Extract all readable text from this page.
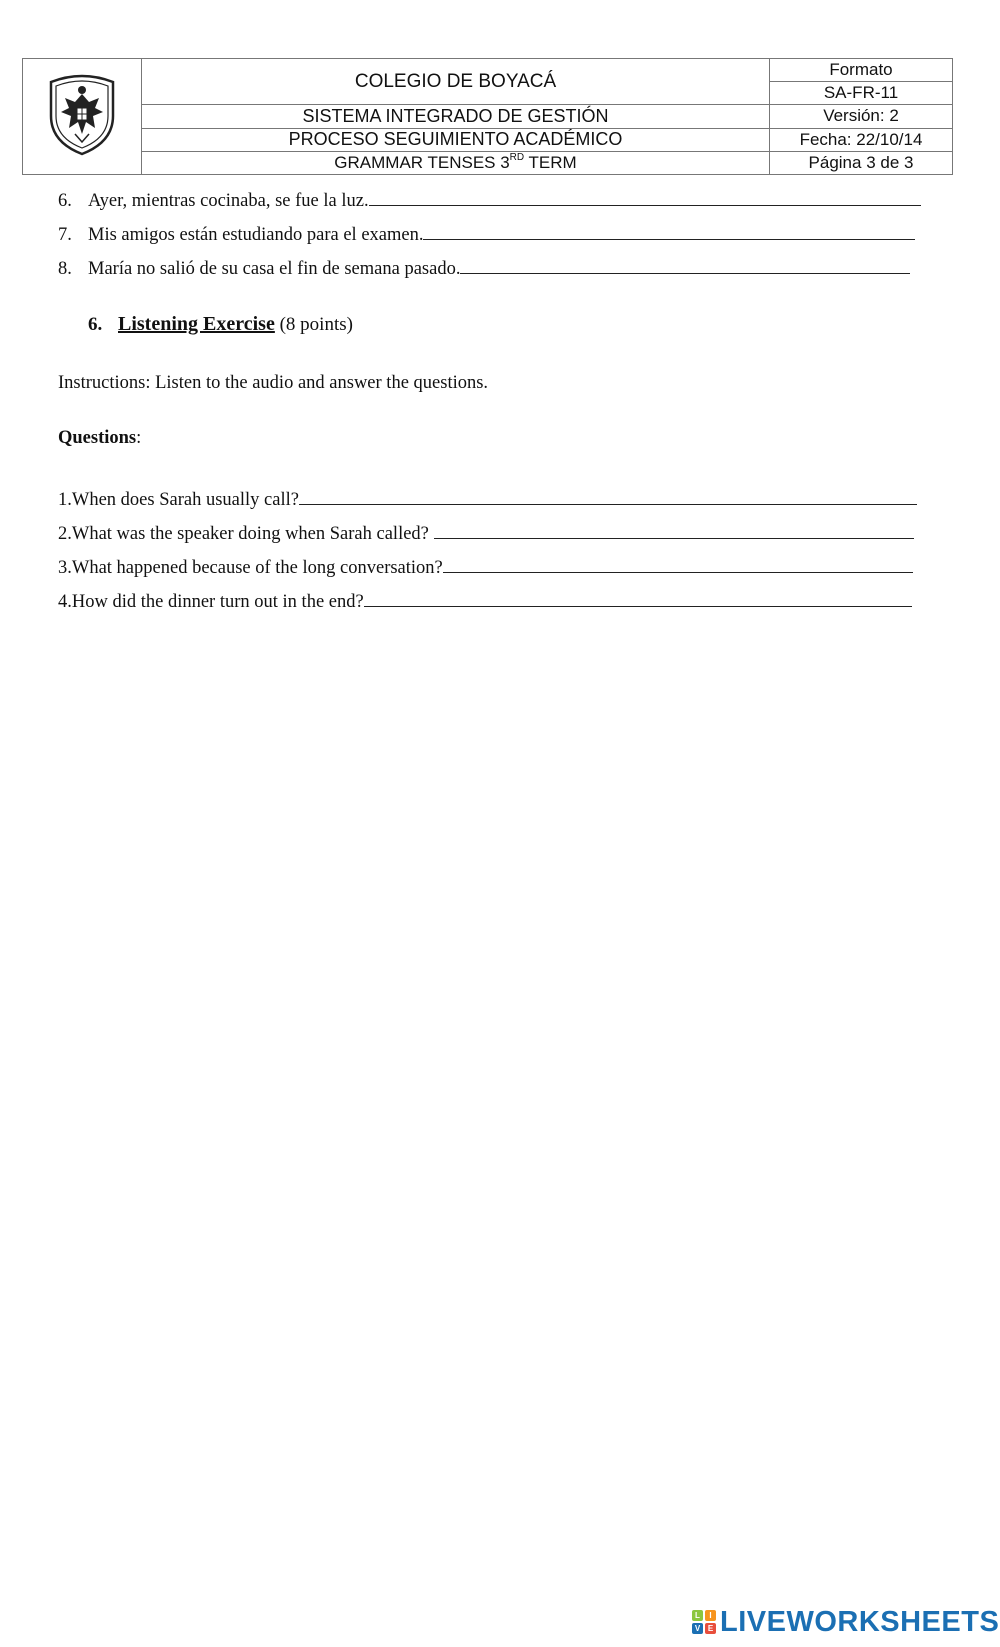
	COLEGIO DE BOYACÁ	Formato
		SA-FR-11
	SISTEMA INTEGRADO DE GESTIÓN	Versión: 2
	PROCESO SEGUIMIENTO ACADÉMICO	Fecha: 22/10/14
	GRAMMAR TENSES 3RD TERM	Página 3 de 3
6. Ayer, mientras cocinaba, se fue la luz.
7. Mis amigos están estudiando para el examen.
8. María no salió de su casa el fin de semana pasado.
6. Listening Exercise (8 points)
Instructions: Listen to the audio and answer the questions.
Questions:
1.When does Sarah usually call?
2.What was the speaker doing when Sarah called?
3.What happened because of the long conversation?
4.How did the dinner turn out in the end?
L	I
V E LIVEWORKSHEETS
